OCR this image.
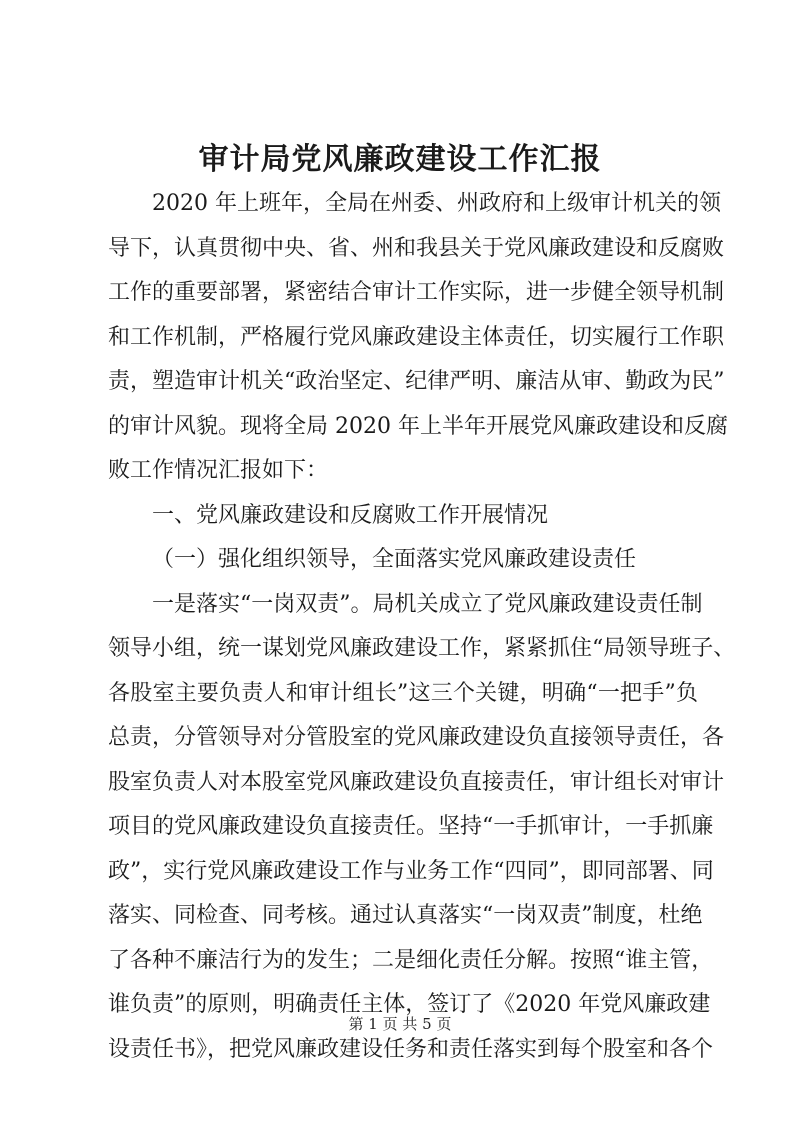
审计局党风廉政建设工作汇报
2020 年上班年，全局在州委、州政府和上级审计机关的领
导下，认真贯彻中央、省、州和我县关于党风廉政建设和反腐败
工作的重要部署，紧密结合审计工作实际，进一步健全领导机制
和工作机制，严格履行党风廉政建设主体责任，切实履行工作职
责，塑造审计机关“政治坚定、纪律严明、廉洁从审、勤政为民”
的审计风貌。现将全局 2020 年上半年开展党风廉政建设和反腐
败工作情况汇报如下：
一、党风廉政建设和反腐败工作开展情况
（一）强化组织领导，全面落实党风廉政建设责任
一是落实“一岗双责”。局机关成立了党风廉政建设责任制
领导小组，统一谋划党风廉政建设工作，紧紧抓住“局领导班子、
各股室主要负责人和审计组长”这三个关键，明确“一把手”负
总责，分管领导对分管股室的党风廉政建设负直接领导责任，各
股室负责人对本股室党风廉政建设负直接责任，审计组长对审计
项目的党风廉政建设负直接责任。坚持“一手抓审计，一手抓廉
政”，实行党风廉政建设工作与业务工作“四同”，即同部署、同
落实、同检查、同考核。通过认真落实“一岗双责”制度，杜绝
了各种不廉洁行为的发生；二是细化责任分解。按照“谁主管，
谁负责”的原则，明确责任主体，签订了《2020 年党风廉政建
设责任书》，把党风廉政建设任务和责任落实到每个股室和各个
第 1 页 共 5 页
